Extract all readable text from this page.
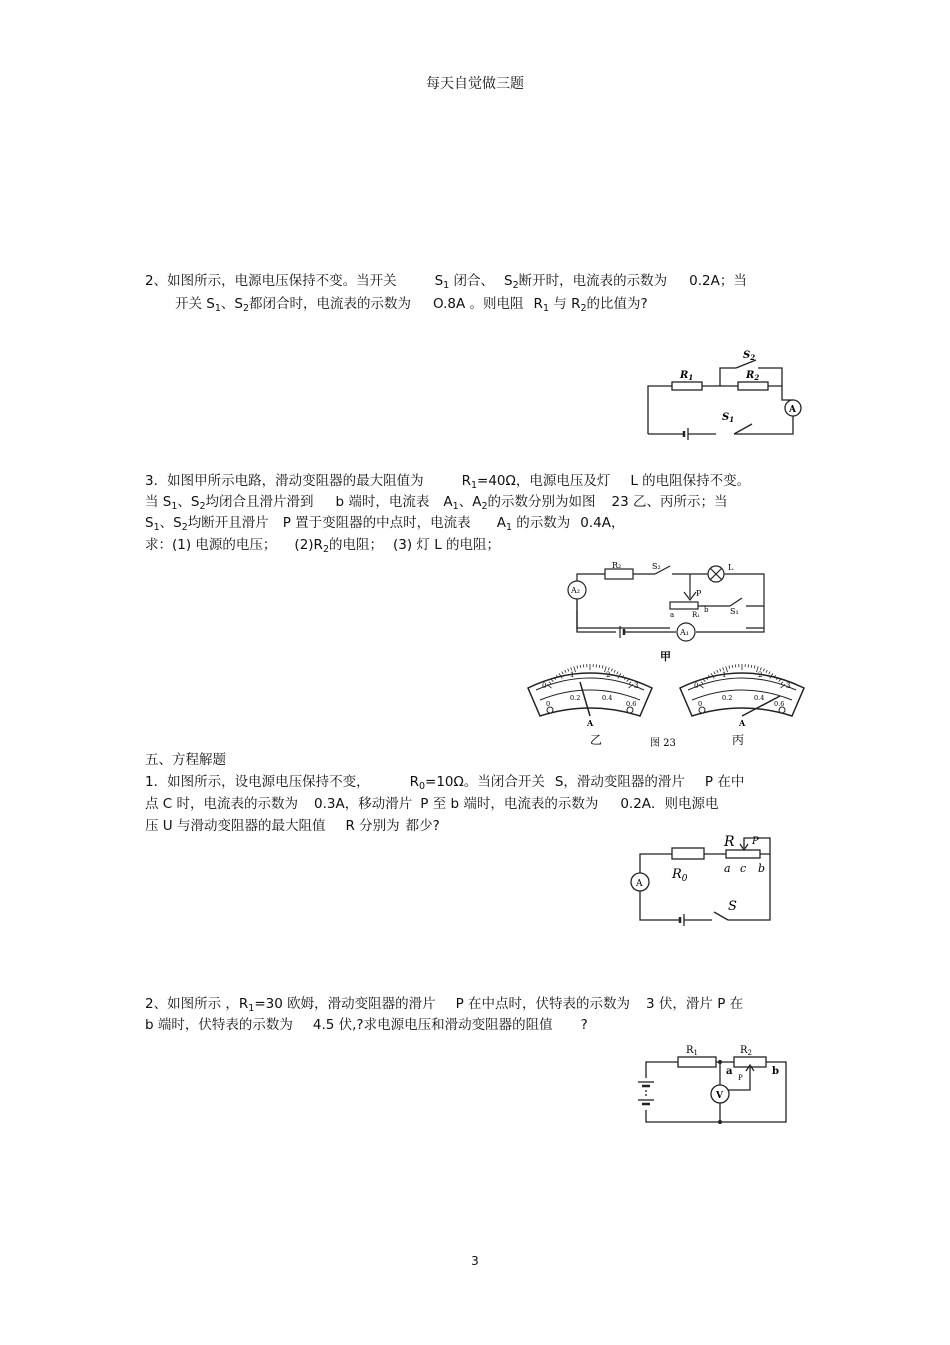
每天自觉做三题
2、如图所示，电源电压保持不变。当开关	$S_1$ 闭合、 $S_2$断开时，电流表的示数为 0.2A；当
开关 $S_1$、$S_2$都闭合时，电流表的示数为 O.8A 。则电阻 $R_1$ 与 $R_2$的比值为?
A
$S_2$
$R_1$	$R_2$
$S_1$
3．如图甲所示电路，滑动变阻器的最大阻值为	$R_1=40\Omega$，电源电压及灯 L 的电阻保持不变。
当 $S_1$、$S_2$均闭合且滑片滑到 b 端时，电流表 $A_1$、$A_2$的示数分别为如图 23 乙、丙所示；当
$S_1$、$S_2$均断开且滑片 P 置于变阻器的中点时，电流表 $A_1$ 的示数为 0.4A，
求：(1) 电源的电压； $(2)R_2$的电阻； (3) 灯 L 的电阻；
A₂
A₁
R₂	S₂	L
P
a	R₁
b	S₁
甲
0
1	2
3
0
0.2	0.4
0.6
A
乙	图 23
0
1	2
3
0
0.2	0.4
0.6
A
丙
五、方程解题
1．如图所示，设电源电压保持不变，	$R_0=10\Omega$。当闭合开关 S，滑动变阻器的滑片 P 在中
点 C 时，电流表的示数为 0.3A，移动滑片 P 至 b 端时，电流表的示数为 0.2A．则电源电
压 U 与滑动变阻器的最大阻值 R 分别为 都少?
A
R P
$R_0$
a c b
S
2、如图所示 ，$R_1=30$ 欧姆，滑动变阻器的滑片 P 在中点时，伏特表的示数为 3 伏，滑片 P 在
b 端时，伏特表的示数为 4.5 伏,?求电源电压和滑动变阻器的阻值 ?
V
$R_1$	$R_2$
a
P
b
3
